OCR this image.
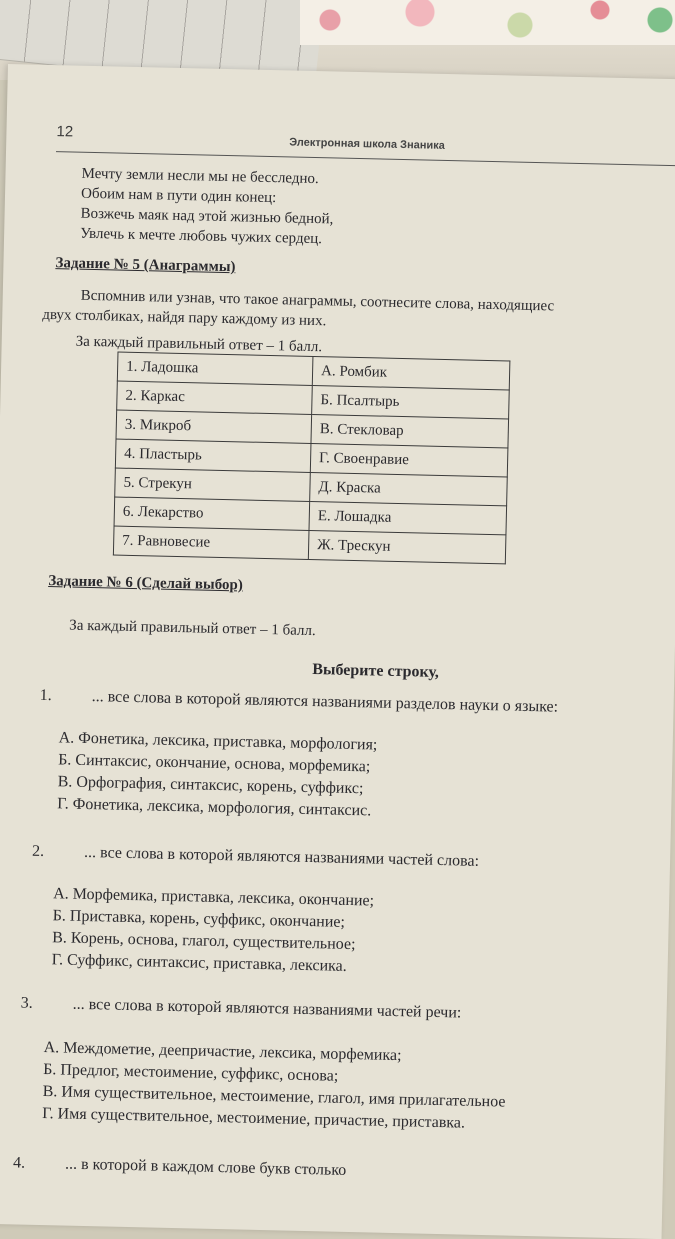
12
Электронная школа Знаника
Мечту земли несли мы не бесследно.
Обоим нам в пути один конец:
Возжечь маяк над этой жизнью бедной,
Увлечь к мечте любовь чужих сердец.
Задание № 5 (Анаграммы)
Вспомнив или узнав, что такое анаграммы, соотнесите слова, находящиес
двух столбиках, найдя пару каждому из них.
За каждый правильный ответ – 1 балл.
1. Ладошка	А. Ромбик
2. Каркас	Б. Псалтырь
3. Микроб	В. Стекловар
4. Пластырь	Г. Своенравие
5. Стрекун	Д. Краска
6. Лекарство	Е. Лошадка
7. Равновесие	Ж. Трескун
Задание № 6 (Сделай выбор)
За каждый правильный ответ – 1 балл.
Выберите строку,
1. ... все слова в которой являются названиями разделов науки о языке:
А. Фонетика, лексика, приставка, морфология;
Б. Синтаксис, окончание, основа, морфемика;
В. Орфография, синтаксис, корень, суффикс;
Г. Фонетика, лексика, морфология, синтаксис.
2. ... все слова в которой являются названиями частей слова:
А. Морфемика, приставка, лексика, окончание;
Б. Приставка, корень, суффикс, окончание;
В. Корень, основа, глагол, существительное;
Г. Суффикс, синтаксис, приставка, лексика.
3. ... все слова в которой являются названиями частей речи:
А. Междометие, деепричастие, лексика, морфемика;
Б. Предлог, местоимение, суффикс, основа;
В. Имя существительное, местоимение, глагол, имя прилагательное
Г. Имя существительное, местоимение, причастие, приставка.
4. ... в которой в каждом слове букв столько
